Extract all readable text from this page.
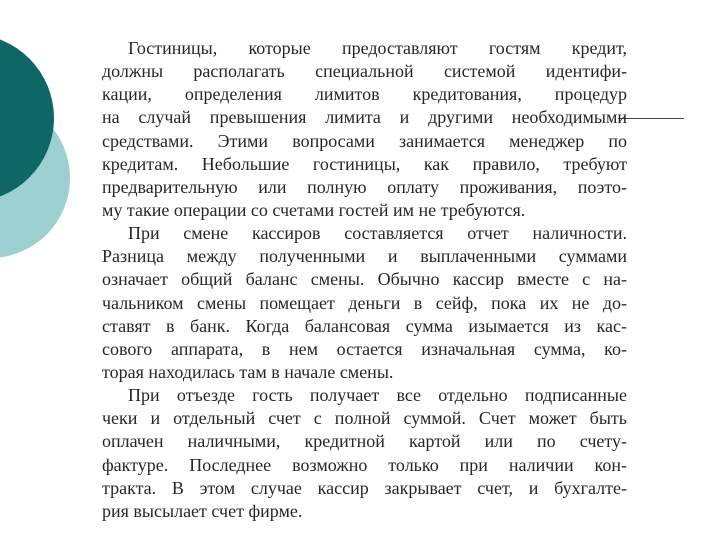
Гостиницы, которые предоставляют гостям кредит,
должны располагать специальной системой идентифи-
кации, определения лимитов кредитования, процедур
на случай превышения лимита и другими необходимыми
средствами. Этими вопросами занимается менеджер по
кредитам. Небольшие гостиницы, как правило, требуют
предварительную или полную оплату проживания, поэто-
му такие операции со счетами гостей им не требуются.
При смене кассиров составляется отчет наличности.
Разница между полученными и выплаченными суммами
означает общий баланс смены. Обычно кассир вместе с на-
чальником смены помещает деньги в сейф, пока их не до-
ставят в банк. Когда балансовая сумма изымается из кас-
сового аппарата, в нем остается изначальная сумма, ко-
торая находилась там в начале смены.
При отъезде гость получает все отдельно подписанные
чеки и отдельный счет с полной суммой. Счет может быть
оплачен наличными, кредитной картой или по счету-
фактуре. Последнее возможно только при наличии кон-
тракта. В этом случае кассир закрывает счет, и бухгалте-
рия высылает счет фирме.
